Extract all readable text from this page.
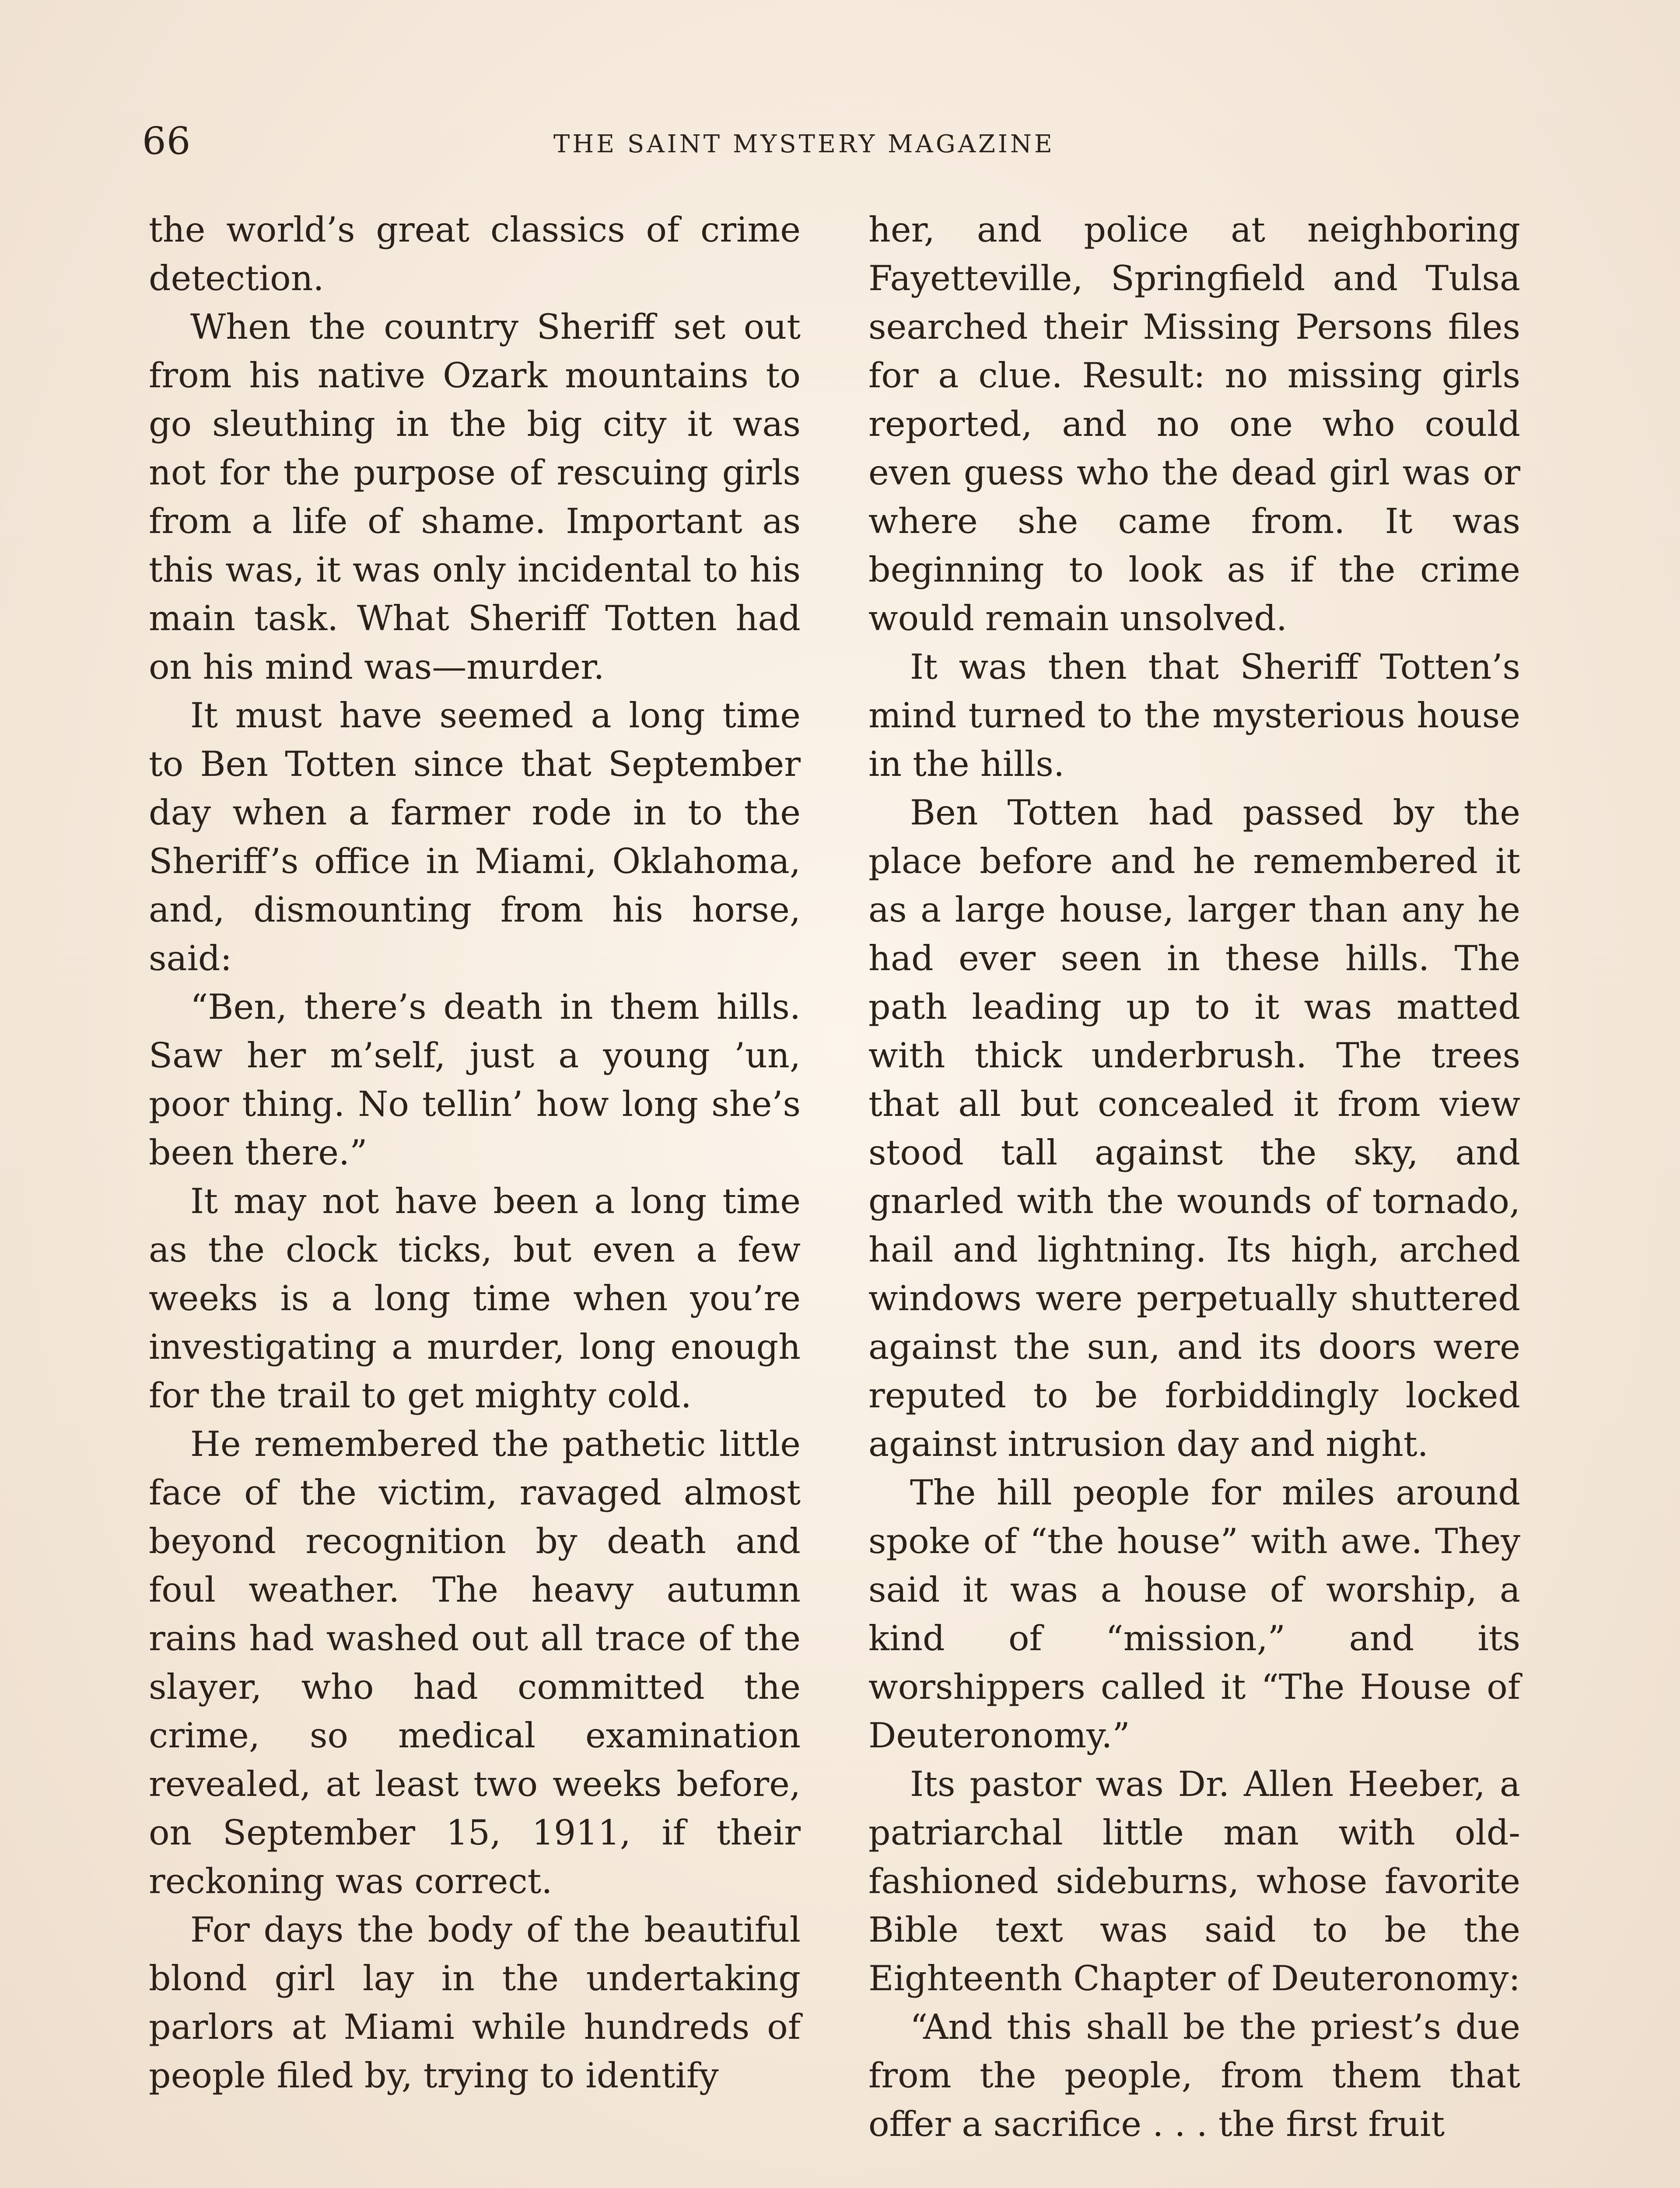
66	THE SAINT MYSTERY MAGAZINE

the world’s great classics of crime detection.

When the country Sheriff set out from his native Ozark mountains to go sleuthing in the big city it was not for the purpose of rescuing girls from a life of shame. Important as this was, it was only incidental to his main task. What Sheriff Totten had on his mind was—murder.

It must have seemed a long time to Ben Totten since that September day when a farmer rode in to the Sheriff’s office in Miami, Oklahoma, and, dismounting from his horse, said:

“Ben, there’s death in them hills. Saw her m’self, just a young ’un, poor thing. No tellin’ how long she’s been there.”

It may not have been a long time as the clock ticks, but even a few weeks is a long time when you’re investigating a murder, long enough for the trail to get mighty cold.

He remembered the pathetic little face of the victim, ravaged almost beyond recognition by death and foul weather. The heavy autumn rains had washed out all trace of the slayer, who had committed the crime, so medical examination revealed, at least two weeks before, on September 15, 1911, if their reckoning was correct.

For days the body of the beautiful blond girl lay in the undertaking parlors at Miami while hundreds of people filed by, trying to identify

her, and police at neighboring Fayetteville, Springfield and Tulsa searched their Missing Persons files for a clue. Result: no missing girls reported, and no one who could even guess who the dead girl was or where she came from. It was beginning to look as if the crime would remain unsolved.

It was then that Sheriff Totten’s mind turned to the mysterious house in the hills.

Ben Totten had passed by the place before and he remembered it as a large house, larger than any he had ever seen in these hills. The path leading up to it was matted with thick underbrush. The trees that all but concealed it from view stood tall against the sky, and gnarled with the wounds of tornado, hail and lightning. Its high, arched windows were perpetually shuttered against the sun, and its doors were reputed to be forbiddingly locked against intrusion day and night.

The hill people for miles around spoke of “the house” with awe. They said it was a house of worship, a kind of “mission,” and its worshippers called it “The House of Deuteronomy.”

Its pastor was Dr. Allen Heeber, a patriarchal little man with old-fashioned sideburns, whose favorite Bible text was said to be the Eighteenth Chapter of Deuteronomy:

“And this shall be the priest’s due from the people, from them that offer a sacrifice . . . the first fruit
